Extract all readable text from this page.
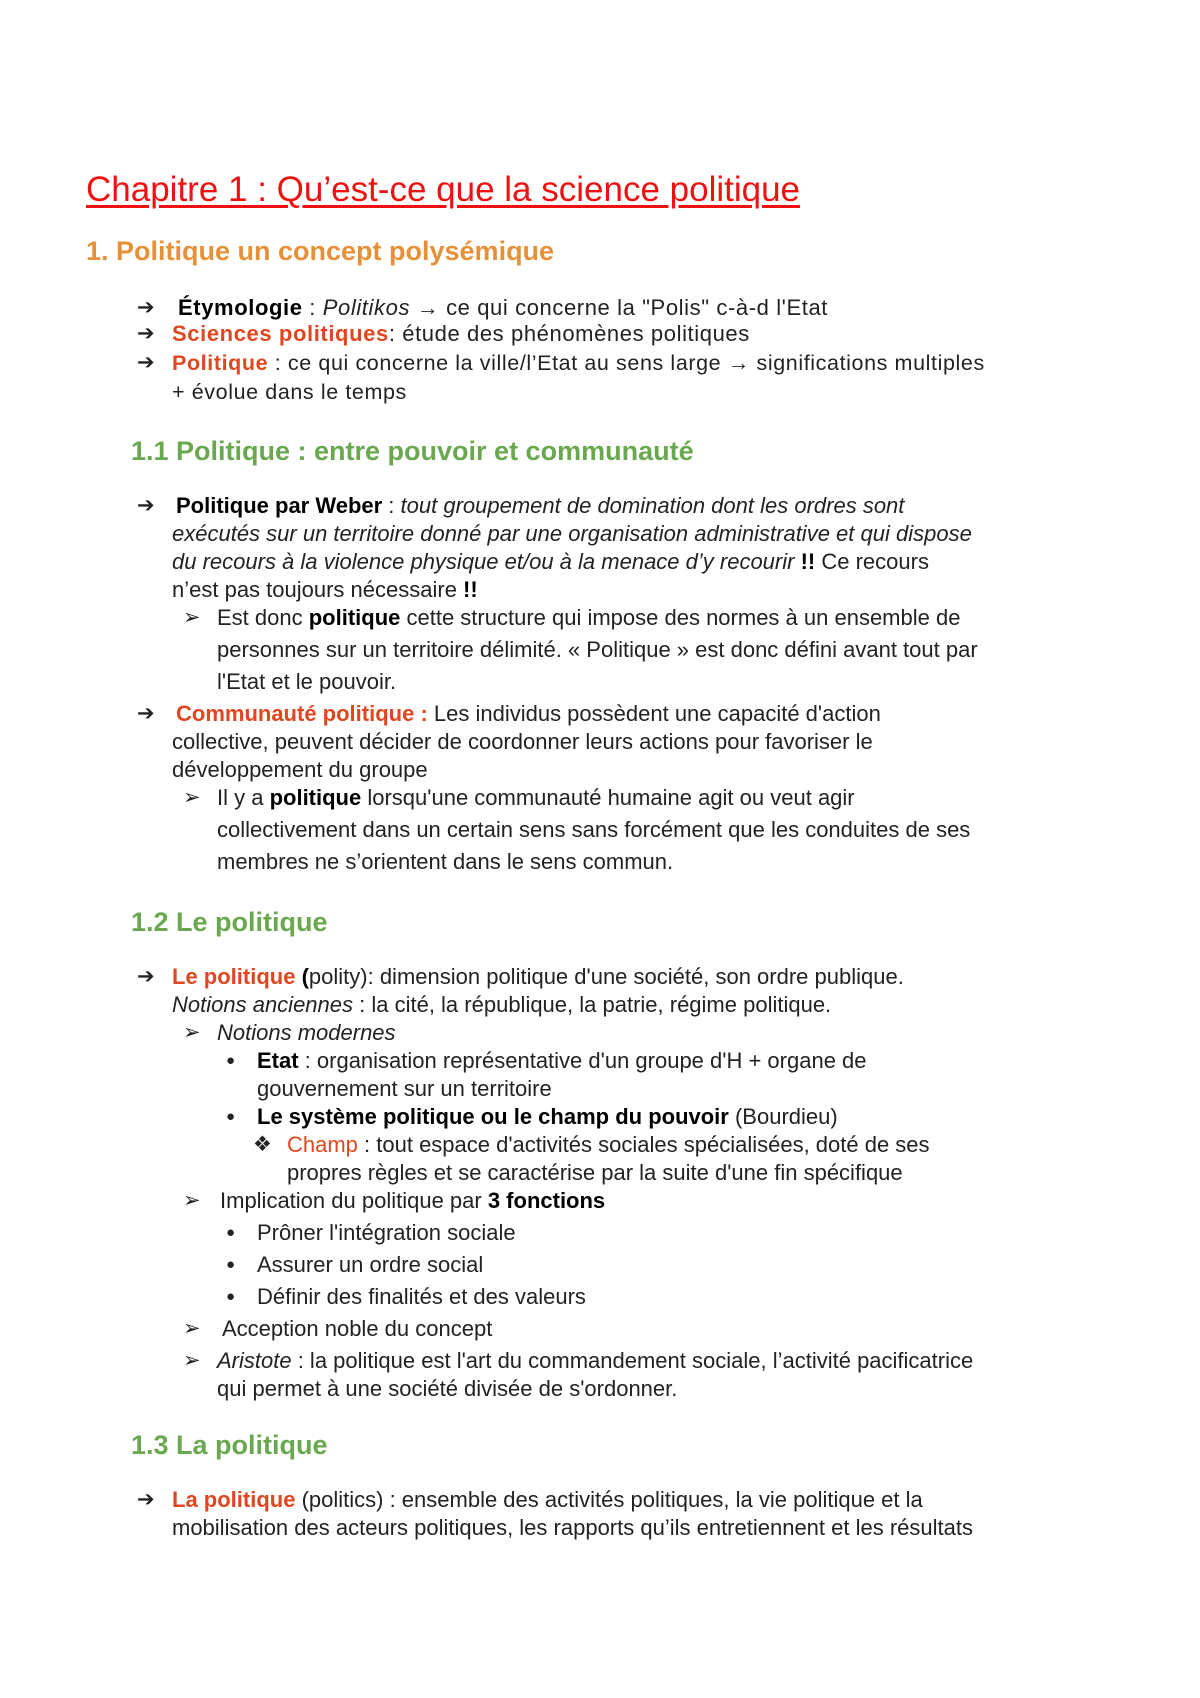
Chapitre 1 : Qu’est-ce que la science politique
1. Politique un concept polysémique
➔ Étymologie : Politikos → ce qui concerne la "Polis" c-à-d l'Etat
➔ Sciences politiques: étude des phénomènes politiques
➔ Politique : ce qui concerne la ville/l’Etat au sens large → significations multiples
+ évolue dans le temps
1.1 Politique : entre pouvoir et communauté
➔ Politique par Weber : tout groupement de domination dont les ordres sont
exécutés sur un territoire donné par une organisation administrative et qui dispose
du recours à la violence physique et/ou à la menace d’y recourir !! Ce recours
n’est pas toujours nécessaire !!
➢ Est donc politique cette structure qui impose des normes à un ensemble de
personnes sur un territoire délimité. « Politique » est donc défini avant tout par
l'Etat et le pouvoir.
➔ Communauté politique : Les individus possèdent une capacité d'action
collective, peuvent décider de coordonner leurs actions pour favoriser le
développement du groupe
➢ Il y a politique lorsqu'une communauté humaine agit ou veut agir
collectivement dans un certain sens sans forcément que les conduites de ses
membres ne s’orientent dans le sens commun.
1.2 Le politique
➔ Le politique (polity): dimension politique d'une société, son ordre publique.
Notions anciennes : la cité, la république, la patrie, régime politique.
➢ Notions modernes
● Etat : organisation représentative d'un groupe d'H + organe de
gouvernement sur un territoire
● Le système politique ou le champ du pouvoir (Bourdieu)
❖ Champ : tout espace d'activités sociales spécialisées, doté de ses
propres règles et se caractérise par la suite d'une fin spécifique
➢ Implication du politique par 3 fonctions
● Prôner l'intégration sociale
● Assurer un ordre social
● Définir des finalités et des valeurs
➢ Acception noble du concept
➢ Aristote : la politique est l'art du commandement sociale, l’activité pacificatrice
qui permet à une société divisée de s'ordonner.
1.3 La politique
➔ La politique (politics) : ensemble des activités politiques, la vie politique et la
mobilisation des acteurs politiques, les rapports qu’ils entretiennent et les résultats
